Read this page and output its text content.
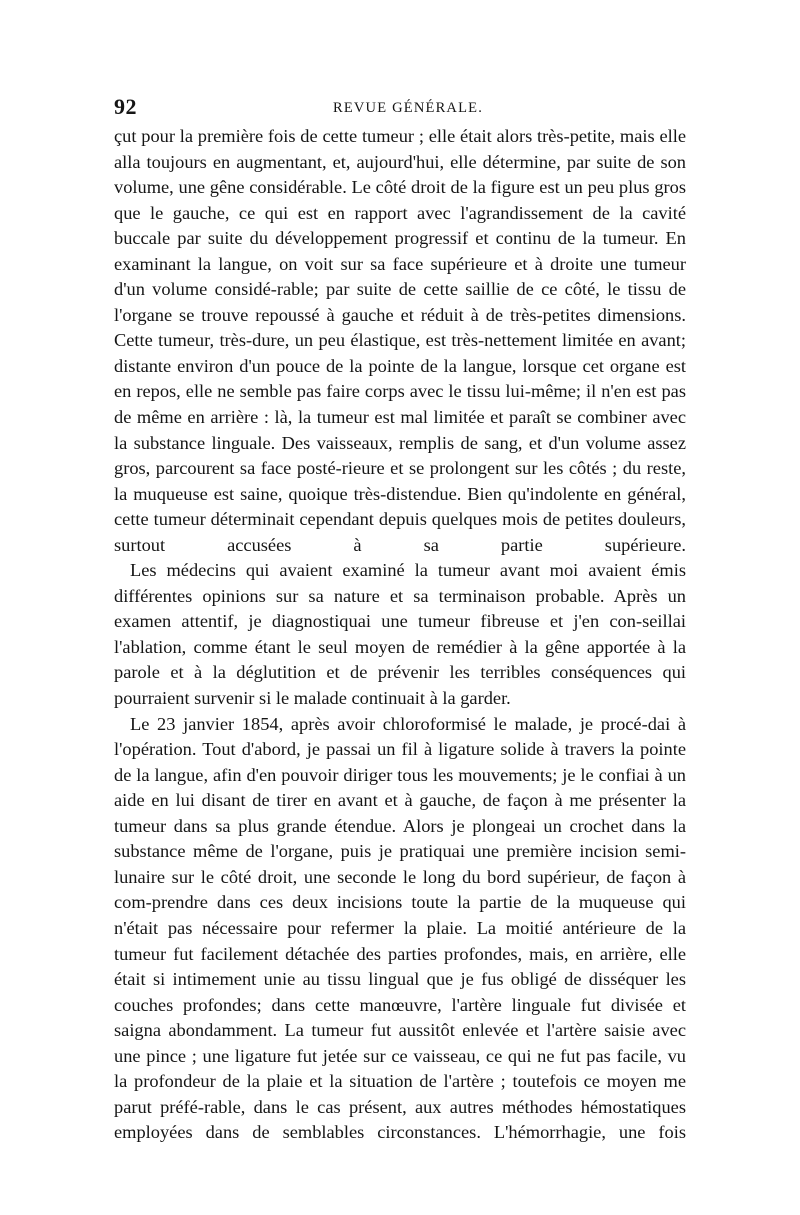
92	REVUE GÉNÉRALE.

çut pour la première fois de cette tumeur ; elle était alors très-petite, mais elle alla toujours en augmentant, et, aujourd'hui, elle détermine, par suite de son volume, une gêne considérable. Le côté droit de la figure est un peu plus gros que le gauche, ce qui est en rapport avec l'agrandissement de la cavité buccale par suite du développement progressif et continu de la tumeur. En examinant la langue, on voit sur sa face supérieure et à droite une tumeur d'un volume considé-rable; par suite de cette saillie de ce côté, le tissu de l'organe se trouve repoussé à gauche et réduit à de très-petites dimensions. Cette tumeur, très-dure, un peu élastique, est très-nettement limitée en avant; distante environ d'un pouce de la pointe de la langue, lorsque cet organe est en repos, elle ne semble pas faire corps avec le tissu lui-même; il n'en est pas de même en arrière : là, la tumeur est mal limitée et paraît se combiner avec la substance linguale. Des vaisseaux, remplis de sang, et d'un volume assez gros, parcourent sa face posté-rieure et se prolongent sur les côtés ; du reste, la muqueuse est saine, quoique très-distendue. Bien qu'indolente en général, cette tumeur déterminait cependant depuis quelques mois de petites douleurs, surtout accusées à sa partie supérieure.

Les médecins qui avaient examiné la tumeur avant moi avaient émis différentes opinions sur sa nature et sa terminaison probable. Après un examen attentif, je diagnostiquai une tumeur fibreuse et j'en con-seillai l'ablation, comme étant le seul moyen de remédier à la gêne apportée à la parole et à la déglutition et de prévenir les terribles conséquences qui pourraient survenir si le malade continuait à la garder.

Le 23 janvier 1854, après avoir chloroformisé le malade, je procé-dai à l'opération. Tout d'abord, je passai un fil à ligature solide à travers la pointe de la langue, afin d'en pouvoir diriger tous les mouvements; je le confiai à un aide en lui disant de tirer en avant et à gauche, de façon à me présenter la tumeur dans sa plus grande étendue. Alors je plongeai un crochet dans la substance même de l'organe, puis je pratiquai une première incision semi-lunaire sur le côté droit, une seconde le long du bord supérieur, de façon à com-prendre dans ces deux incisions toute la partie de la muqueuse qui n'était pas nécessaire pour refermer la plaie. La moitié antérieure de la tumeur fut facilement détachée des parties profondes, mais, en arrière, elle était si intimement unie au tissu lingual que je fus obligé de disséquer les couches profondes; dans cette manœuvre, l'artère linguale fut divisée et saigna abondamment. La tumeur fut aussitôt enlevée et l'artère saisie avec une pince ; une ligature fut jetée sur ce vaisseau, ce qui ne fut pas facile, vu la profondeur de la plaie et la situation de l'artère ; toutefois ce moyen me parut préfé-rable, dans le cas présent, aux autres méthodes hémostatiques employées dans de semblables circonstances. L'hémorrhagie, une fois
